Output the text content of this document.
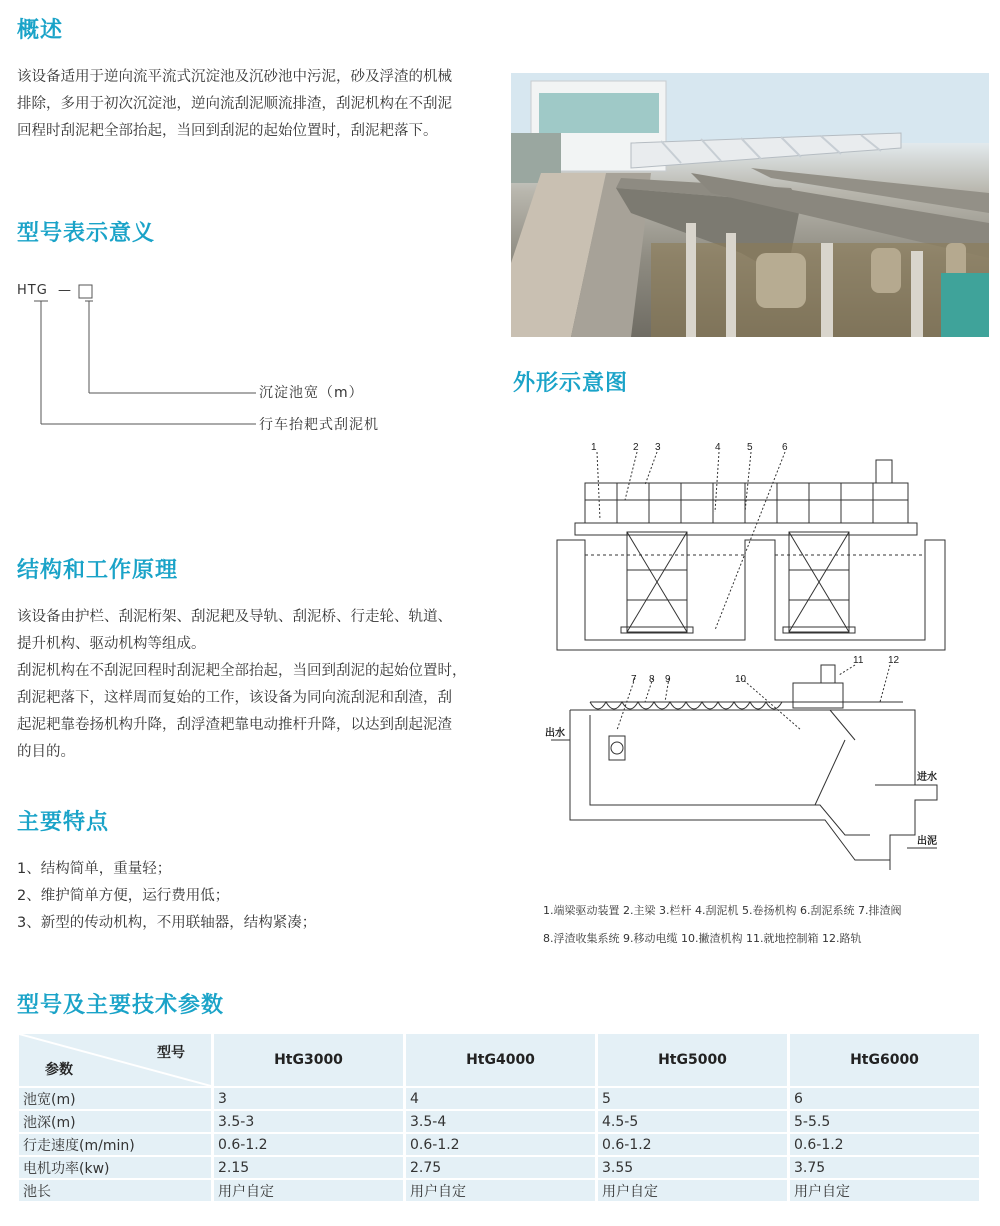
概述
该设备适用于逆向流平流式沉淀池及沉砂池中污泥，砂及浮渣的机械
排除，多用于初次沉淀池，逆向流刮泥顺流排渣，刮泥机构在不刮泥
回程时刮泥耙全部抬起，当回到刮泥的起始位置时，刮泥耙落下。
型号表示意义
HTG —
沉淀池宽（m）
行车抬耙式刮泥机
外形示意图
结构和工作原理
该设备由护栏、刮泥桁架、刮泥耙及导轨、刮泥桥、行走轮、轨道、
提升机构、驱动机构等组成。
刮泥机构在不刮泥回程时刮泥耙全部抬起，当回到刮泥的起始位置时，
刮泥耙落下，这样周而复始的工作，该设备为同向流刮泥和刮渣，刮
起泥耙靠卷扬机构升降，刮浮渣耙靠电动推杆升降，以达到刮起泥渣
的目的。
主要特点
1、结构简单，重量轻；
2、维护简单方便，运行费用低；
3、新型的传动机构，不用联轴器，结构紧凑；
1	2 3	4	5	6
7 8 9	10
11 12
出水
进水
出泥
1.端梁驱动装置 2.主梁 3.栏杆 4.刮泥机 5.卷扬机构 6.刮泥系统 7.排渣阀
8.浮渣收集系统 9.移动电缆 10.撇渣机构 11.就地控制箱 12.路轨
型号及主要技术参数
型号
参数	HtG3000	HtG4000	HtG5000	HtG6000
池宽(m)	3	4	5	6
池深(m)	3.5-3	3.5-4	4.5-5	5-5.5
行走速度(m/min)	0.6-1.2	0.6-1.2	0.6-1.2	0.6-1.2
电机功率(kw)	2.15	2.75	3.55	3.75
池长	用户自定	用户自定	用户自定	用户自定
